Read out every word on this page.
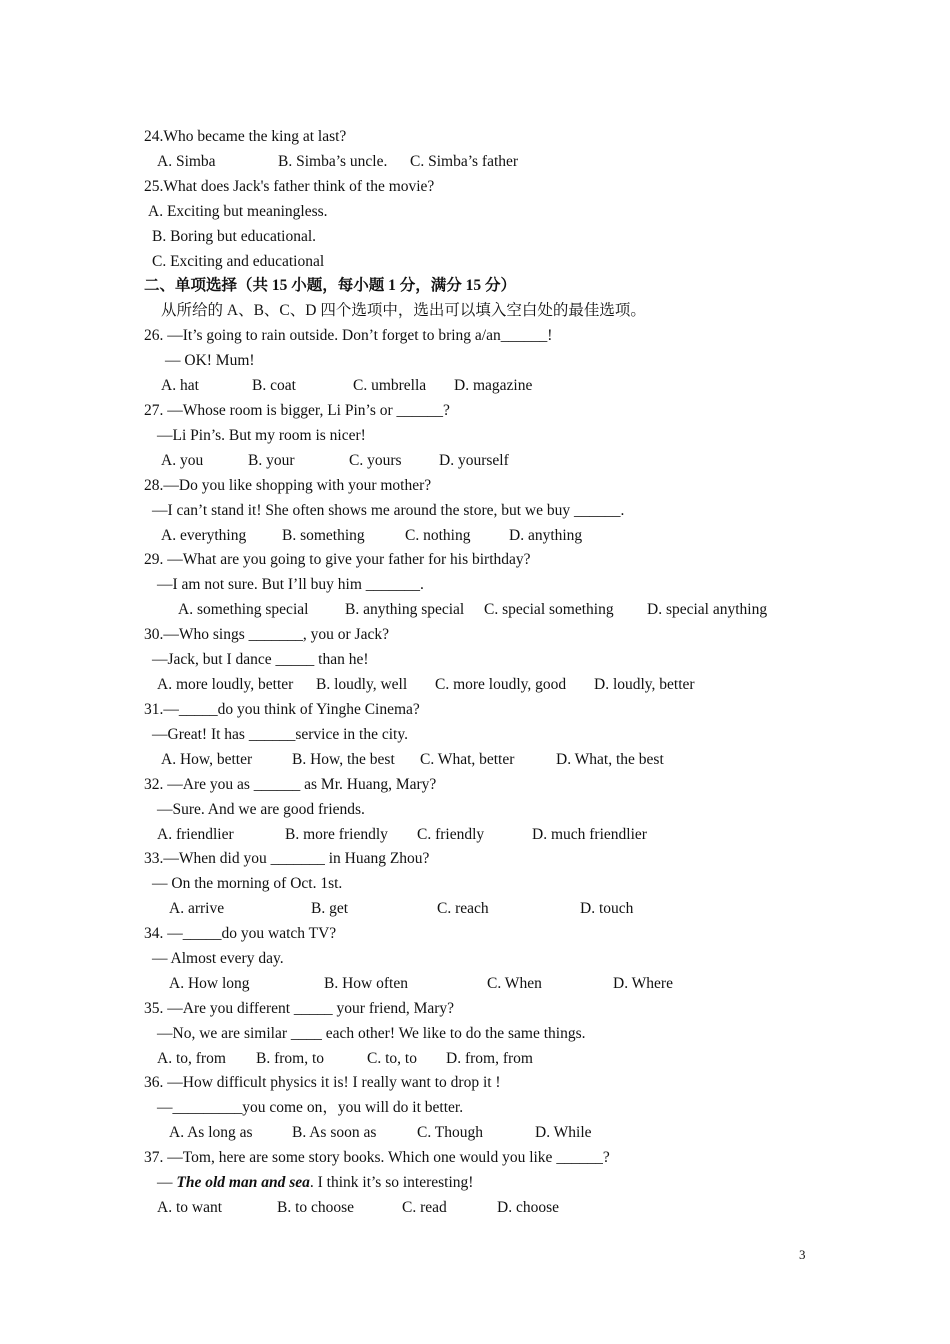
24.Who became the king at last?
A. Simba	B. Simba’s uncle. C. Simba’s father
25.What does Jack's father think of the movie?
A. Exciting but meaningless.
B. Boring but educational.
C. Exciting and educational
二、单项选择（共 15 小题，每小题 1 分，满分 15 分）
从所给的 A、B、C、D 四个选项中，选出可以填入空白处的最佳选项。
26. —It’s going to rain outside. Don’t forget to bring a/an______!
— OK! Mum!
A. hat	B. coat	C. umbrella D. magazine
27. —Whose room is bigger, Li Pin’s or ______?
—Li Pin’s. But my room is nicer!
A. you	B. your	C. yours D. yourself
28.—Do you like shopping with your mother?
—I can’t stand it! She often shows me around the store, but we buy ______.
A. everything B. something	C. nothing D. anything
29. —What are you going to give your father for his birthday?
—I am not sure. But I’ll buy him _______.
A. something special B. anything special C. special something D. special anything
30.—Who sings _______, you or Jack?
—Jack, but I dance _____ than he!
A. more loudly, better B. loudly, well C. more loudly, good D. loudly, better
31.—_____do you think of Yinghe Cinema?
—Great! It has ______service in the city.
A. How, better	B. How, the best C. What, better	D. What, the best
32. —Are you as ______ as Mr. Huang, Mary?
—Sure. And we are good friends.
A. friendlier	B. more friendly C. friendly	D. much friendlier
33.—When did you _______ in Huang Zhou?
— On the morning of Oct. 1st.
A. arrive	B. get	C. reach	D. touch
34. —_____do you watch TV?
— Almost every day.
A. How long	B. How often	C. When	D. Where
35. —Are you different _____ your friend, Mary?
—No, we are similar ____ each other! We like to do the same things.
A. to, from B. from, to	C. to, to D. from, from
36. —How difficult physics it is! I really want to drop it !
—_________you come on，you will do it better.
A. As long as	B. As soon as	C. Though	D. While
37. —Tom, here are some story books. Which one would you like ______?
— The old man and sea. I think it’s so interesting!
A. to want	B. to choose	C. read	D. choose
3
